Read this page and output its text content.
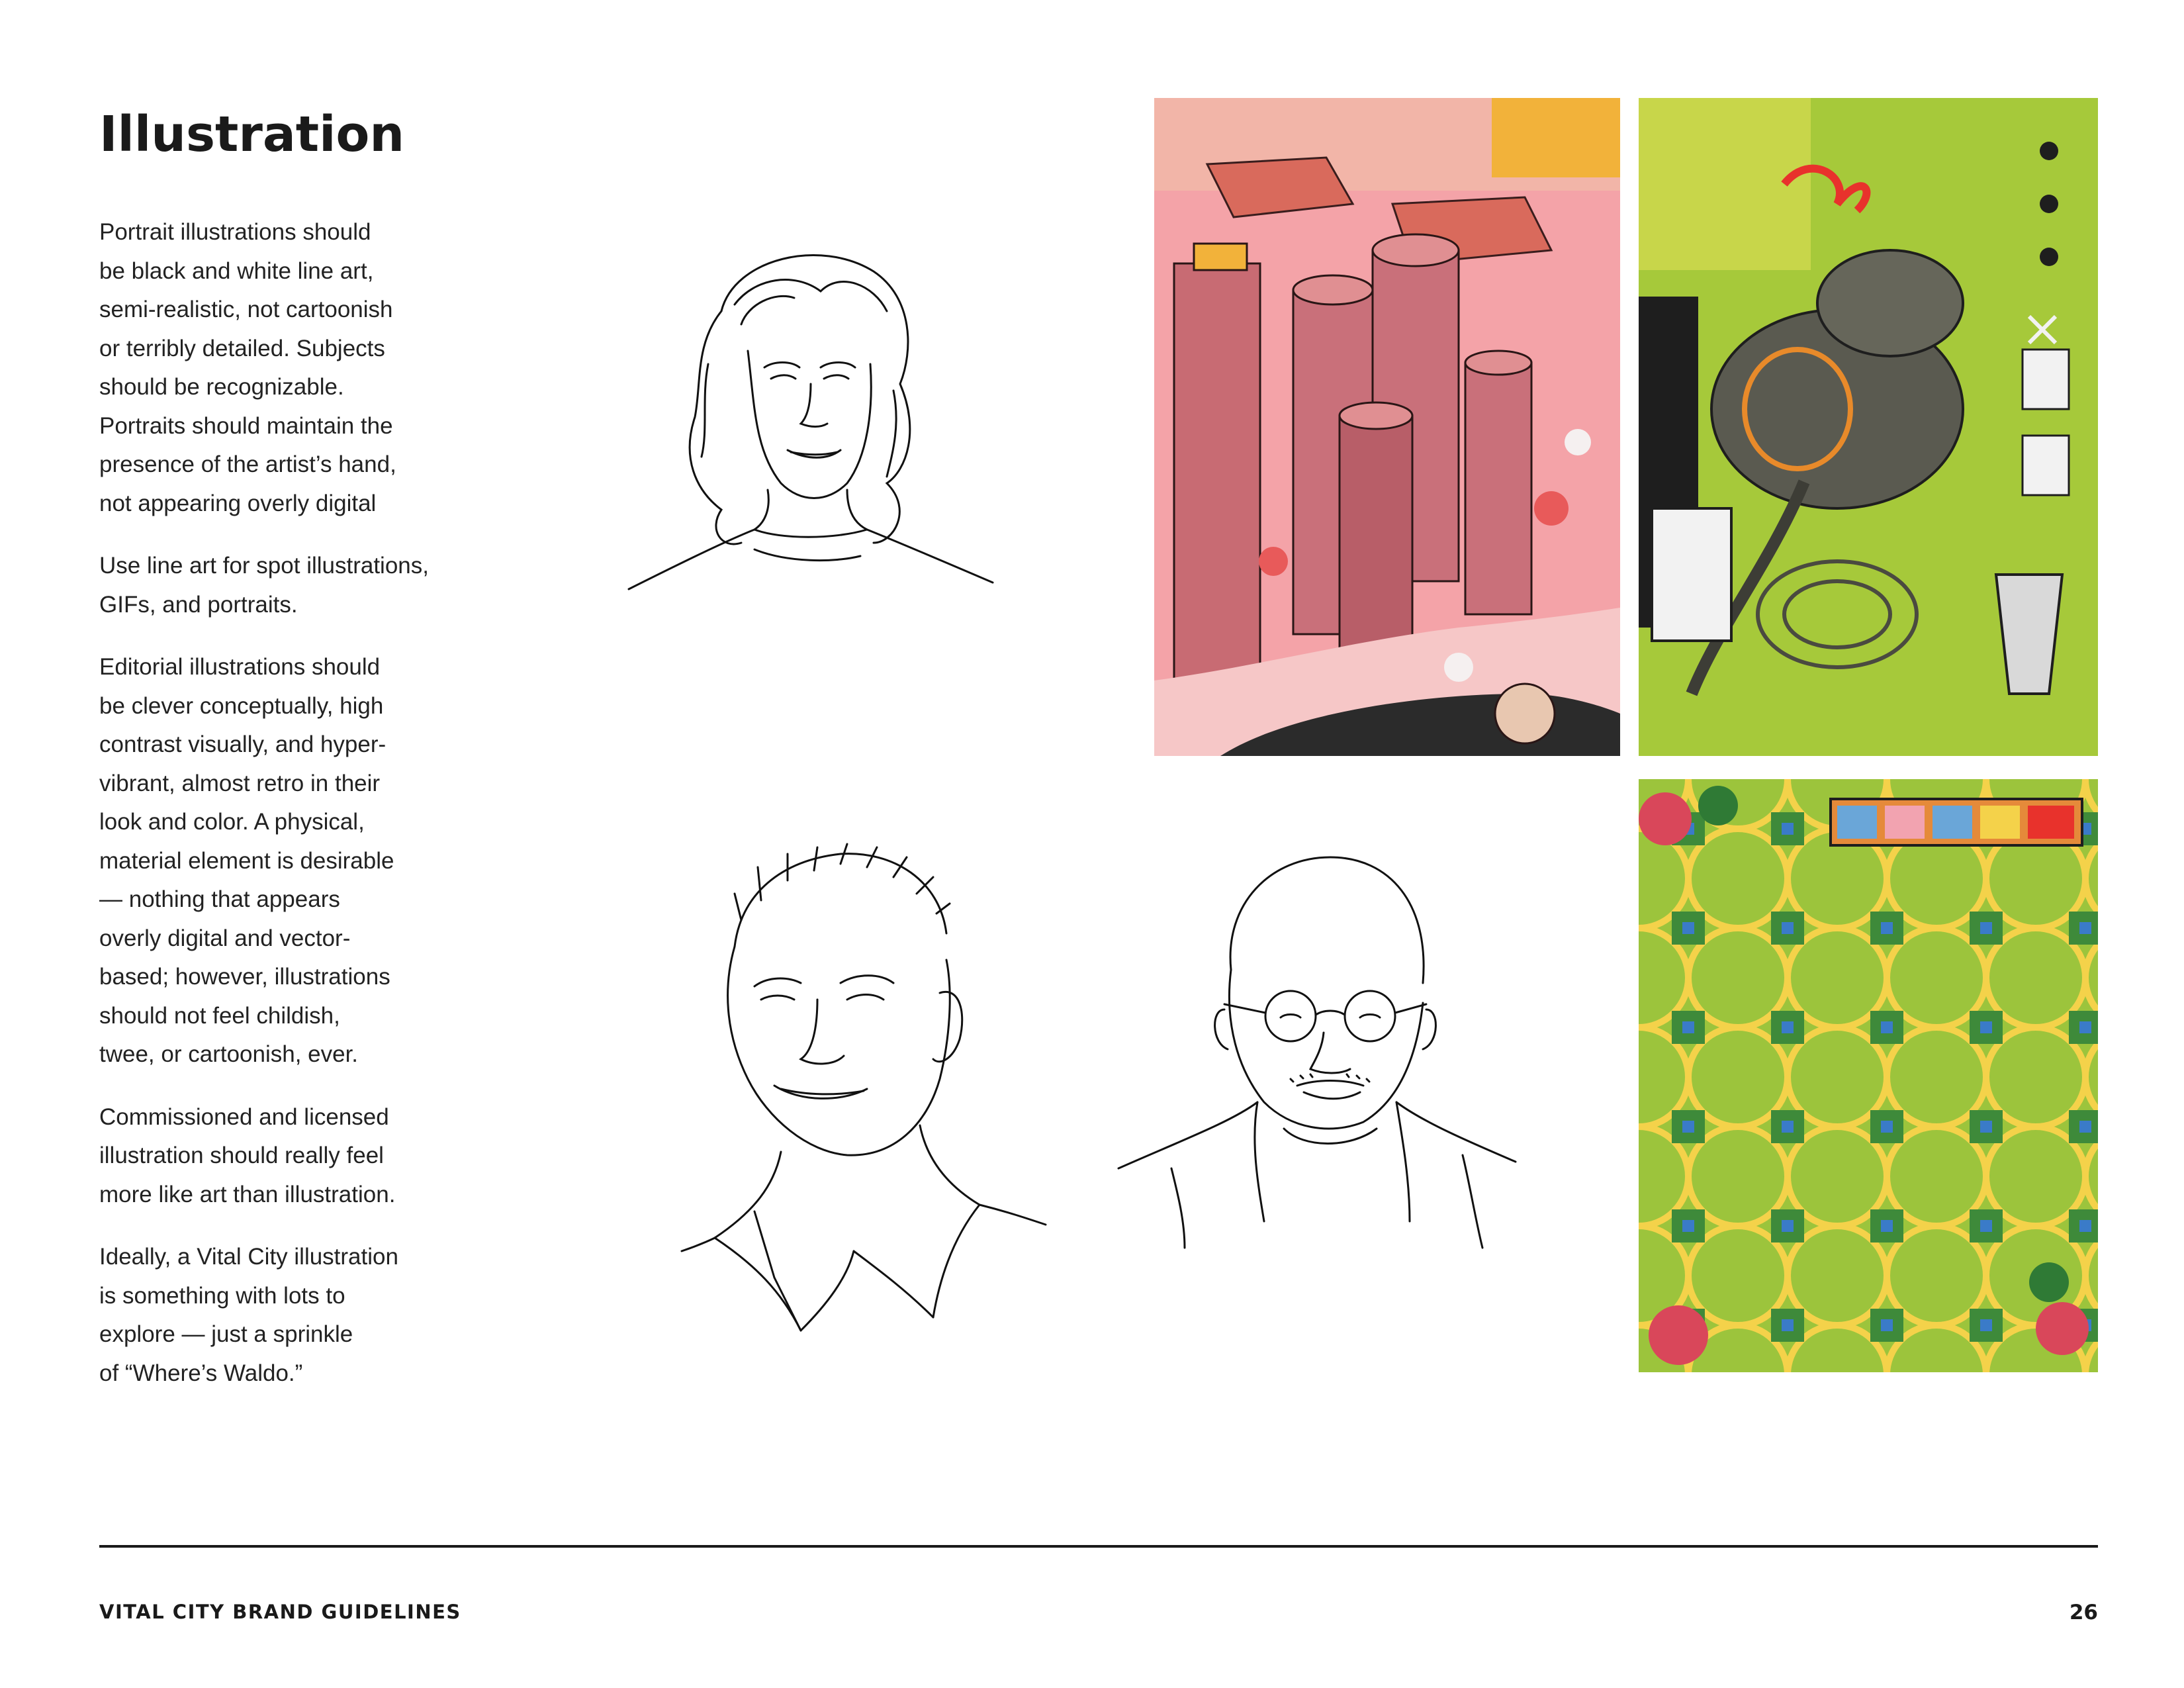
Illustration

Portrait illustrations should
be black and white line art,
semi-realistic, not cartoonish
or terribly detailed. Subjects
should be recognizable.
Portraits should maintain the
presence of the artist’s hand,
not appearing overly digital

Use line art for spot illustrations,
GIFs, and portraits.

Editorial illustrations should
be clever conceptually, high
contrast visually, and hyper-
vibrant, almost retro in their
look and color. A physical,
material element is desirable
— nothing that appears
overly digital and vector-
based; however, illustrations
should not feel childish,
twee, or cartoonish, ever.

Commissioned and licensed
illustration should really feel
more like art than illustration.

Ideally, a Vital City illustration
is something with lots to
explore — just a sprinkle
of “Where’s Waldo.”

VITAL CITY BRAND GUIDELINES	26
